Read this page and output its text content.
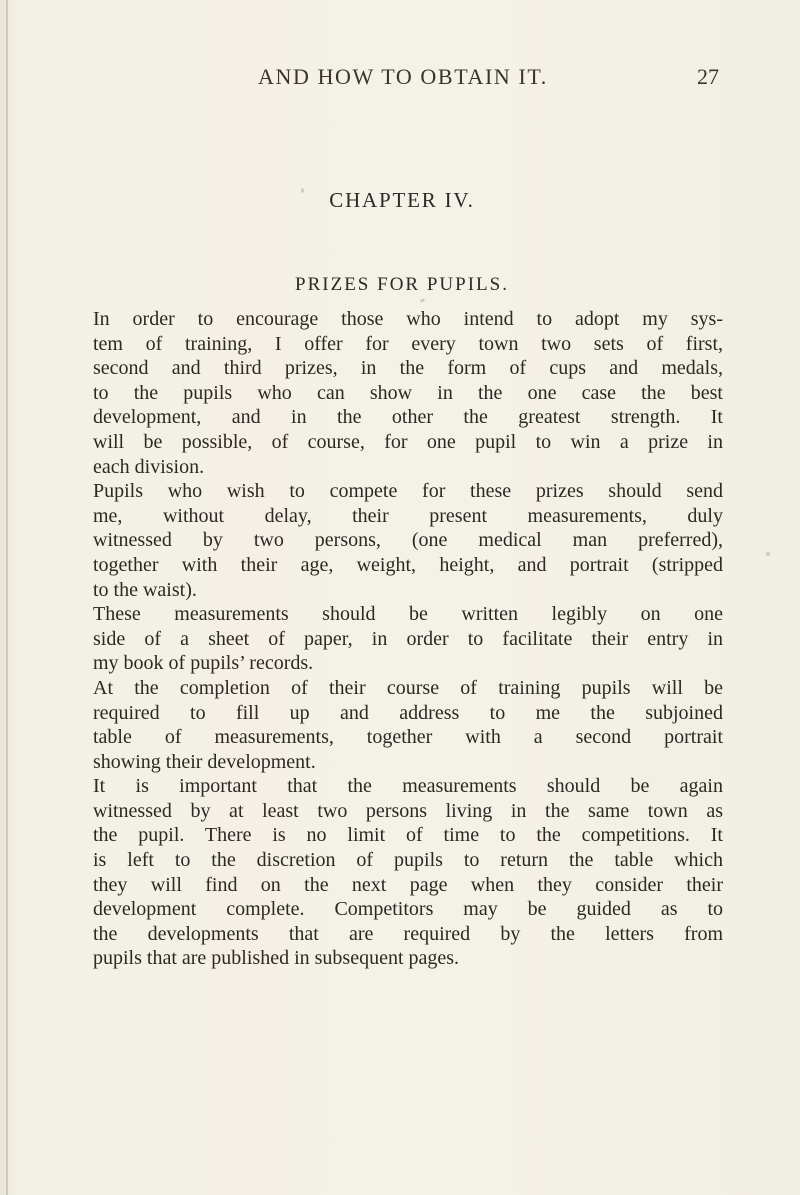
AND HOW TO OBTAIN IT.	27
CHAPTER IV.
PRIZES FOR PUPILS.
In order to encourage those who intend to adopt my sys-
tem of training, I offer for every town two sets of first,
second and third prizes, in the form of cups and medals,
to the pupils who can show in the one case the best
development, and in the other the greatest strength. It
will be possible, of course, for one pupil to win a prize in
each division.
Pupils who wish to compete for these prizes should send
me, without delay, their present measurements, duly
witnessed by two persons, (one medical man preferred),
together with their age, weight, height, and portrait (stripped
to the waist).
These measurements should be written legibly on one
side of a sheet of paper, in order to facilitate their entry in
my book of pupils’ records.
At the completion of their course of training pupils will be
required to fill up and address to me the subjoined
table of measurements, together with a second portrait
showing their development.
It is important that the measurements should be again
witnessed by at least two persons living in the same town as
the pupil. There is no limit of time to the competitions. It
is left to the discretion of pupils to return the table which
they will find on the next page when they consider their
development complete. Competitors may be guided as to
the developments that are required by the letters from
pupils that are published in subsequent pages.
